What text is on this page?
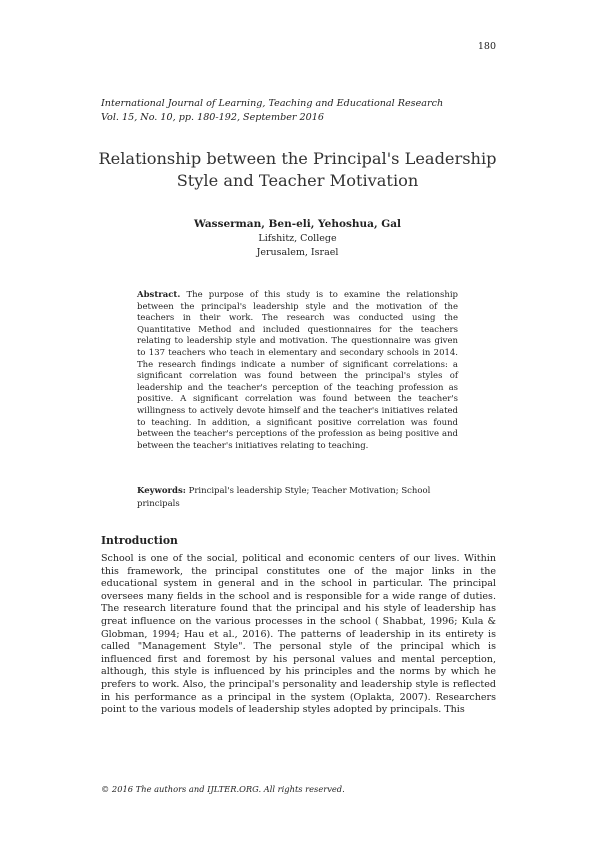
180
International Journal of Learning, Teaching and Educational Research
Vol. 15, No. 10, pp. 180-192, September 2016
Relationship between the Principal's Leadership
Style and Teacher Motivation
Wasserman, Ben-eli, Yehoshua, Gal
Lifshitz, College
Jerusalem, Israel
Abstract. The purpose of this study is to examine the relationship between the principal's leadership style and the motivation of the teachers in their work. The research was conducted using the Quantitative Method and included questionnaires for the teachers relating to leadership style and motivation. The questionnaire was given to 137 teachers who teach in elementary and secondary schools in 2014. The research findings indicate a number of significant correlations: a significant correlation was found between the principal's styles of leadership and the teacher's perception of the teaching profession as positive. A significant correlation was found between the teacher's willingness to actively devote himself and the teacher's initiatives related to teaching. In addition, a significant positive correlation was found between the teacher's perceptions of the profession as being positive and between the teacher's initiatives relating to teaching.
Keywords: Principal's leadership Style; Teacher Motivation; School principals
Introduction
School is one of the social, political and economic centers of our lives. Within this framework, the principal constitutes one of the major links in the educational system in general and in the school in particular. The principal oversees many fields in the school and is responsible for a wide range of duties. The research literature found that the principal and his style of leadership has great influence on the various processes in the school ( Shabbat, 1996; Kula & Globman, 1994; Hau et al., 2016). The patterns of leadership in its entirety is called "Management Style". The personal style of the principal which is influenced first and foremost by his personal values and mental perception, although, this style is influenced by his principles and the norms by which he prefers to work. Also, the principal's personality and leadership style is reflected in his performance as a principal in the system (Oplakta, 2007). Researchers point to the various models of leadership styles adopted by principals. This
© 2016 The authors and IJLTER.ORG. All rights reserved.
